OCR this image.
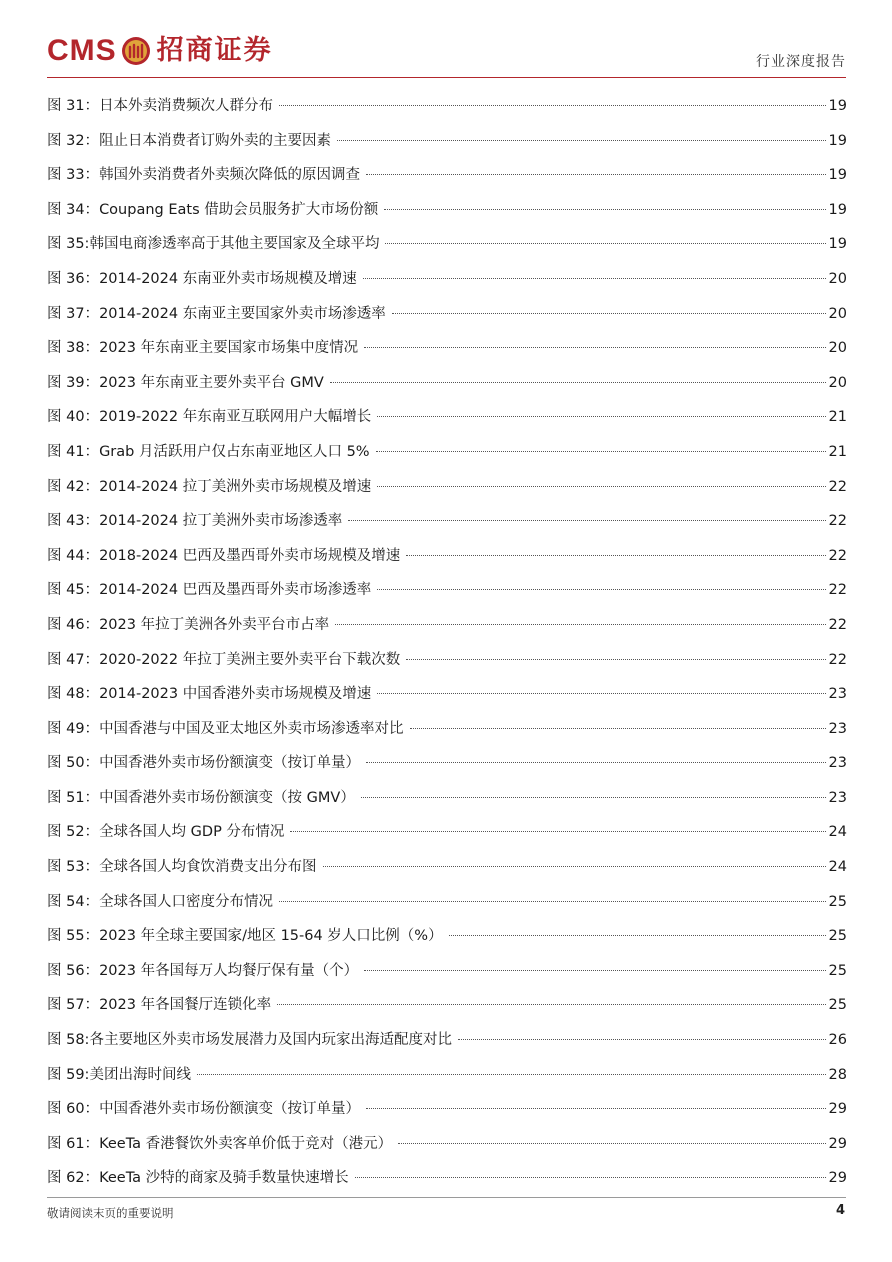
CMS 招商证券	行业深度报告
图 31： 日本外卖消费频次人群分布	19
图 32： 阻止日本消费者订购外卖的主要因素	19
图 33： 韩国外卖消费者外卖频次降低的原因调查	19
图 34： Coupang Eats 借助会员服务扩大市场份额	19
图 35: 韩国电商渗透率高于其他主要国家及全球平均	19
图 36： 2014-2024 东南亚外卖市场规模及增速	20
图 37： 2014-2024 东南亚主要国家外卖市场渗透率	20
图 38： 2023 年东南亚主要国家市场集中度情况	20
图 39： 2023 年东南亚主要外卖平台 GMV	20
图 40： 2019-2022 年东南亚互联网用户大幅增长	21
图 41： Grab 月活跃用户仅占东南亚地区人口 5%	21
图 42： 2014-2024 拉丁美洲外卖市场规模及增速	22
图 43： 2014-2024 拉丁美洲外卖市场渗透率	22
图 44： 2018-2024 巴西及墨西哥外卖市场规模及增速	22
图 45： 2014-2024 巴西及墨西哥外卖市场渗透率	22
图 46： 2023 年拉丁美洲各外卖平台市占率	22
图 47： 2020-2022 年拉丁美洲主要外卖平台下载次数	22
图 48： 2014-2023 中国香港外卖市场规模及增速	23
图 49： 中国香港与中国及亚太地区外卖市场渗透率对比	23
图 50： 中国香港外卖市场份额演变（按订单量）	23
图 51： 中国香港外卖市场份额演变（按 GMV）	23
图 52： 全球各国人均 GDP 分布情况	24
图 53： 全球各国人均食饮消费支出分布图	24
图 54： 全球各国人口密度分布情况	25
图 55： 2023 年全球主要国家/地区 15-64 岁人口比例（%）	25
图 56： 2023 年各国每万人均餐厅保有量（个）	25
图 57： 2023 年各国餐厅连锁化率	25
图 58: 各主要地区外卖市场发展潜力及国内玩家出海适配度对比	26
图 59: 美团出海时间线	28
图 60： 中国香港外卖市场份额演变（按订单量）	29
图 61： KeeTa 香港餐饮外卖客单价低于竞对（港元）	29
图 62： KeeTa 沙特的商家及骑手数量快速增长	29
敬请阅读末页的重要说明	4
